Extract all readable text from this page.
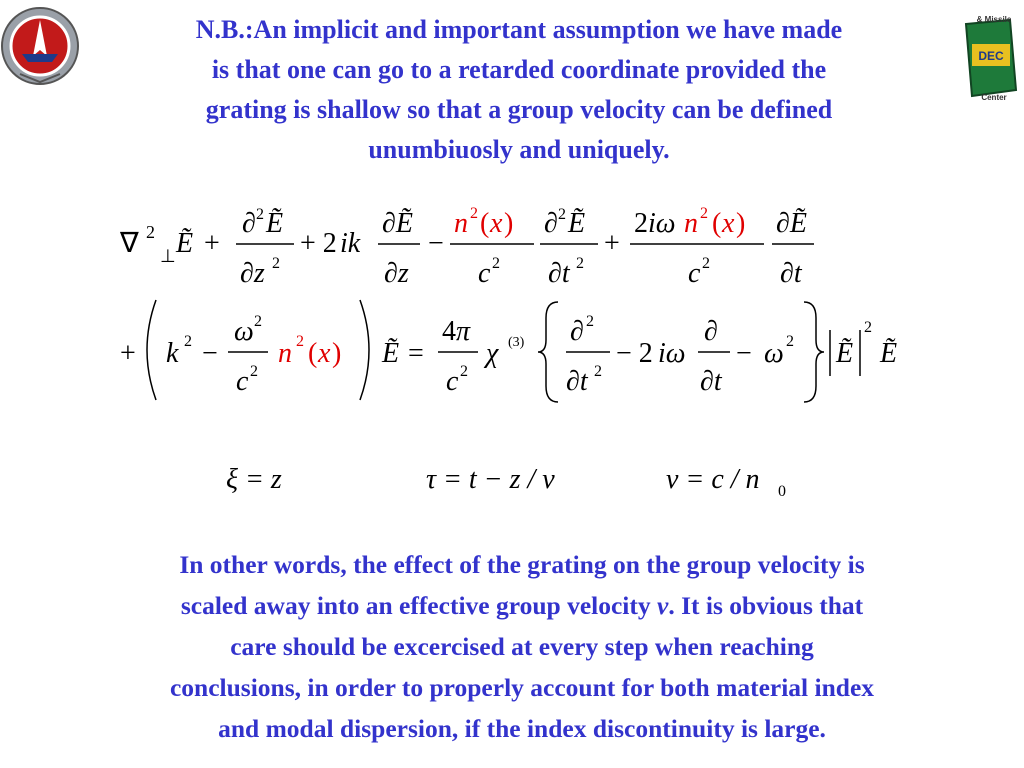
DEC
& Missile
Center
N.B.:An implicit and important assumption we have made
is that one can go to a retarded coordinate provided the
grating is shallow so that a group velocity can be defined
unumbiuosly and uniquely.
∇ 2
⊥ Ẽ +
∂ 2 Ẽ
∂z 2
+ 2 ik
∂Ẽ
∂z
−
n 2 ( x )
c 2
∂ 2 Ẽ
∂t 2
+
2 iω n 2 ( x )
c 2
∂Ẽ
∂t
+ k 2 −
ω 2
c 2
n 2 ( x ) Ẽ =
4 π
c 2
χ (3) ∂ 2
∂t 2
− 2 iω
∂
∂t
− ω 2 Ẽ
2
Ẽ
ξ = z	τ = t − z / v	v = c / n 0
In other words, the effect of the grating on the group velocity is
scaled away into an effective group velocity v. It is obvious that
care should be excercised at every step when reaching
conclusions, in order to properly account for both material index
and modal dispersion, if the index discontinuity is large.
